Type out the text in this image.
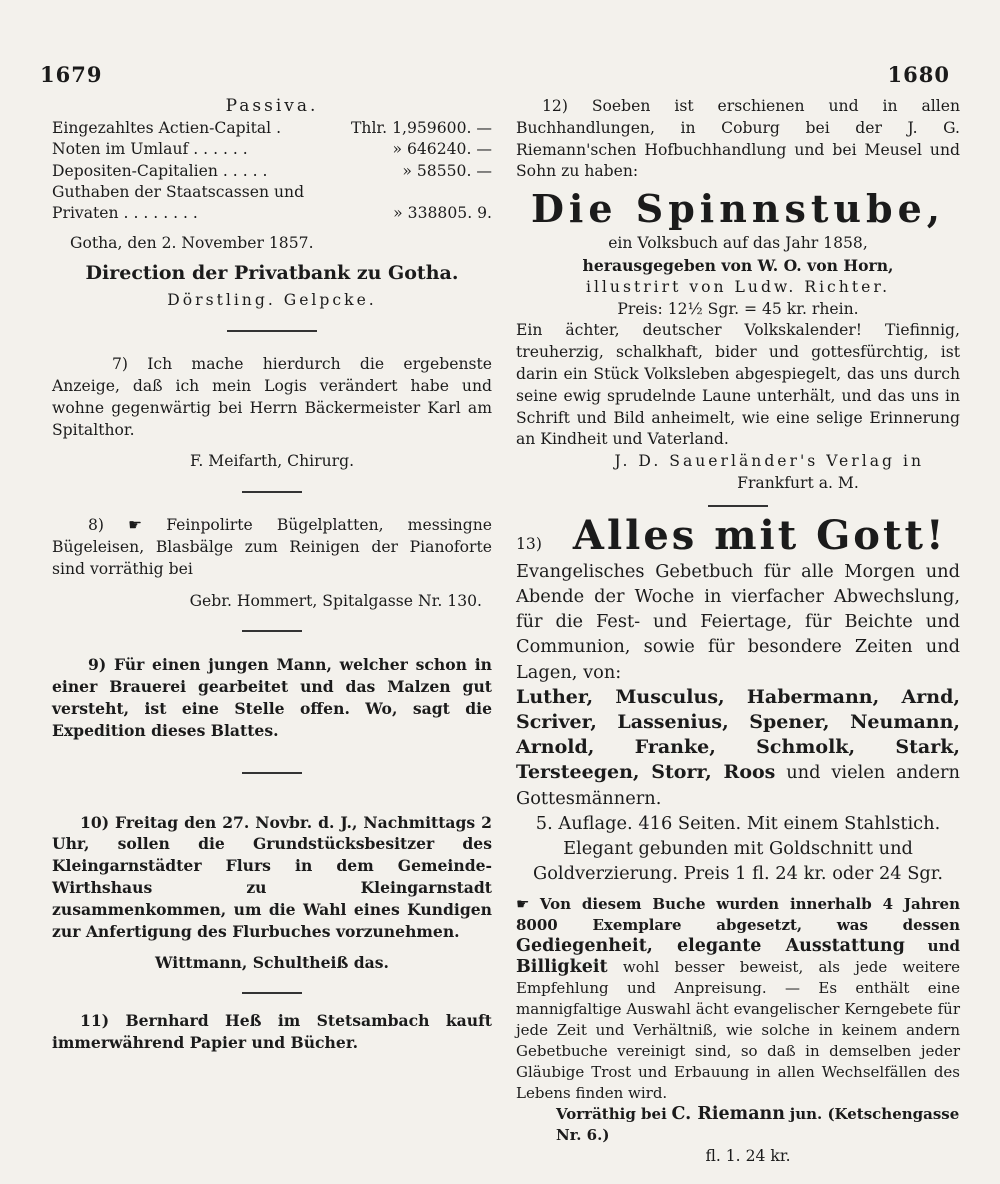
1679	1680
Passiva.
Eingezahltes Actien-Capital .	Thlr. 1,959600. —
Noten im Umlauf . . . . . .	» 646240. —
Depositen-Capitalien . . . . .	» 58550. —
Guthaben der Staatscassen und	
Privaten . . . . . . . .	» 338805. 9.

Gotha, den 2. November 1857.

Direction der Privatbank zu Gotha.
Dörstling. Gelpcke.

7) Ich mache hierdurch die ergebenste Anzeige, daß ich mein Logis verändert habe und wohne gegenwärtig bei Herrn Bäckermeister Karl am Spitalthor.

F. Meifarth, Chirurg.

8) ☛ Feinpolirte Bügelplatten, messingne Bügeleisen, Blasbälge zum Reinigen der Pianoforte sind vorräthig bei

Gebr. Hommert, Spitalgasse Nr. 130.

9) Für einen jungen Mann, welcher schon in einer Brauerei gearbeitet und das Malzen gut versteht, ist eine Stelle offen. Wo, sagt die Expedition dieses Blattes.

10) Freitag den 27. Novbr. d. J., Nachmittags 2 Uhr, sollen die Grundstücksbesitzer des Kleingarnstädter Flurs in dem Gemeinde-Wirthshaus zu Kleingarnstadt zusammenkommen, um die Wahl eines Kundigen zur Anfertigung des Flurbuches vorzunehmen.

Wittmann, Schultheiß das.

11) Bernhard Heß im Stetsambach kauft immerwährend Papier und Bücher.

12) Soeben ist erschienen und in allen Buchhandlungen, in Coburg bei der J. G. Riemann'schen Hofbuchhandlung und bei Meusel und Sohn zu haben:

Die Spinnstube,
ein Volksbuch auf das Jahr 1858,
herausgegeben von W. O. von Horn,
illustrirt von Ludw. Richter.
Preis: 12½ Sgr. = 45 kr. rhein.

Ein ächter, deutscher Volkskalender! Tiefinnig, treuherzig, schalkhaft, bider und gottesfürchtig, ist darin ein Stück Volksleben abgespiegelt, das uns durch seine ewig sprudelnde Laune unterhält, und das uns in Schrift und Bild anheimelt, wie eine selige Erinnerung an Kindheit und Vaterland.

J. D. Sauerländer's Verlag in
Frankfurt a. M.
13) Alles mit Gott!

Evangelisches Gebetbuch für alle Morgen und Abende der Woche in vierfacher Abwechslung, für die Fest- und Feiertage, für Beichte und Communion, sowie für besondere Zeiten und Lagen, von:

Luther, Musculus, Habermann, Arnd, Scriver, Lassenius, Spener, Neumann, Arnold, Franke, Schmolk, Stark, Tersteegen, Storr, Roos und vielen andern Gottesmännern.

5. Auflage. 416 Seiten. Mit einem Stahlstich. Elegant gebunden mit Goldschnitt und Goldverzierung. Preis 1 fl. 24 kr. oder 24 Sgr.

☛ Von diesem Buche wurden innerhalb 4 Jahren 8000 Exemplare abgesetzt, was dessen Gediegenheit, elegante Ausstattung und Billigkeit wohl besser beweist, als jede weitere Empfehlung und Anpreisung. — Es enthält eine mannigfaltige Auswahl ächt evangelischer Kerngebete für jede Zeit und Verhältniß, wie solche in keinem andern Gebetbuche vereinigt sind, so daß in demselben jeder Gläubige Trost und Erbauung in allen Wechselfällen des Lebens finden wird.

Vorräthig bei C. Riemann jun. (Ketschengasse Nr. 6.)

fl. 1. 24 kr.
